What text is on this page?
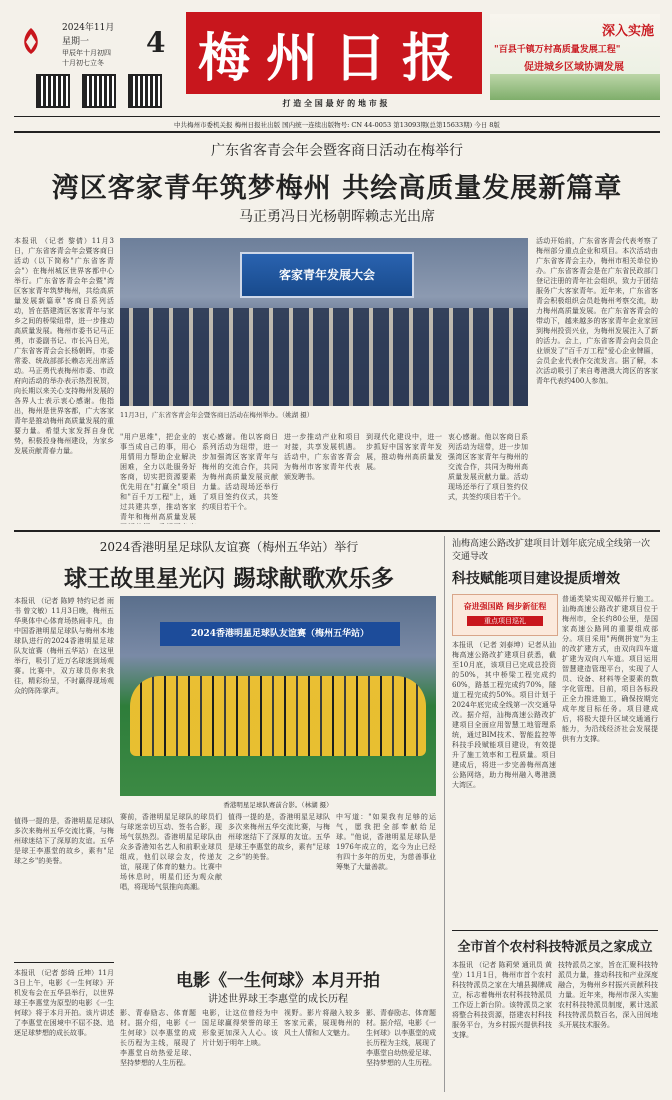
2024年11月
星期一 4
甲辰年十月初四
十月初七立冬 梅州日报
打 造 全 国 最 好 的 地 市 报
深入实施
"百县千镇万村高质量发展工程"
促进城乡区域协调发展
中共梅州市委机关报 梅州日报社出版 国内统一连续出版物号: CN 44-0053 第13093期(总第15633期) 今日 8版
广东省客青会年会暨客商日活动在梅举行
湾区客家青年筑梦梅州 共绘高质量发展新篇章
马正勇冯日光杨朝晖赖志光出席
本报讯 （记者 黎倩）11月3日，广东省客青会年会暨客商日活动（以下简称"广东省客青会"）在梅州城区世界客都中心举行。广东省客青会年会暨"湾区客家青年筑梦梅州，共绘高质量发展新篇章"客商日系列活动，旨在搭建湾区客家青年与家乡之间的桥梁纽带，进一步推动高质量发展。梅州市委书记马正勇，市委副书记、市长冯日光，广东省客青会会长杨朝晖，市委常委、统战部部长赖志光出席活动。马正勇代表梅州市委、市政府向活动的举办表示热烈祝贺，向长期以来关心支持梅州发展的各界人士表示衷心感谢。他指出，梅州是世界客都，广大客家青年是推动梅州高质量发展的重要力量。希望大家发挥自身优势，积极投身梅州建设，为家乡发展贡献青春力量。
客家青年发展大会
11月3日，广东省客青会年会暨客商日活动在梅州举办。（姚湖 摄）
"用户思维"，把企业的事当成自己的事，用心用情用力帮助企业解决困难，全力以赴服务好客商，切实把资源要素优先用在"打赢全"项目和"百千万工程"上，通过共建共享，推动客家青年和梅州高质量发展
衷心感谢。他以客商日系列活动为纽带，进一步加强湾区客家青年与梅州的交流合作，共同为梅州高质量发展贡献力量。活动现场还举行了项目签约仪式，共签约项目若干个。
进一步推动产业和项目对接，共享发展机遇。活动中，广东省客青会为梅州市客家青年代表颁发聘书。
到现代化建设中，进一步抓好中国客家青年发展，推动梅州高质量发展。
衷心感谢。他以客商日系列活动为纽带，进一步加强湾区客家青年与梅州的交流合作，共同为梅州高质量发展贡献力量。活动现场还举行了项目签约仪式，共签约项目若干个。
活动开始前，广东省客青会代表考察了梅州部分重点企业和项目。本次活动由广东省客青会主办，梅州市相关单位协办。广东省客青会是在广东省民政部门登记注册的青年社会组织，致力于团结服务广大客家青年。近年来，广东省客青会积极组织会员赴梅州考察交流，助力梅州高质量发展。在广东省客青会的带动下，越来越多的客家青年企业家回到梅州投资兴业，为梅州发展注入了新的活力。会上，广东省客青会向会员企业颁发了"百千万工程"爱心企业牌匾，会员企业代表作交流发言。据了解，本次活动吸引了来自粤港澳大湾区的客家青年代表约400人参加。
2024香港明星足球队友谊赛（梅州五华站）举行
球王故里星光闪 踢球献歌欢乐多
本报讯 （记者 陈婷 特约记者 雨书 曾文敏）11月3日晚，梅州五华奥体中心体育场热闹非凡，由中国香港明星足球队与梅州本地球队进行的2024香港明星足球队友谊赛（梅州五华站）在这里举行，吸引了近万名球迷到场观赛。比赛中，双方球员你来我往，精彩纷呈，不时赢得现场观众的阵阵掌声。
2024香港明星足球队友谊赛（梅州五华站）
香港明星足球队赛前合影。（林湖 摄）
赛前，香港明星足球队的球员们与球迷亲切互动、签名合影，现场气氛热烈。香港明星足球队由众多香港知名艺人和前职业球员组成，他们以球会友，传递友谊，展现了体育的魅力。比赛中场休息时，明星们还为观众献唱，将现场气氛推向高潮。
值得一提的是，香港明星足球队多次来梅州五华交流比赛，与梅州球迷结下了深厚的友谊。五华是球王李惠堂的故乡，素有"足球之乡"的美誉。
中写道："如果我有足够的运气，愿我把全部奉献给足球。"他说，香港明星足球队是1976年成立的，迄今为止已经有四十多年的历史，为慈善事业筹集了大量善款。
值得一提的是，香港明星足球队多次来梅州五华交流比赛，与梅州球迷结下了深厚的友谊。五华是球王李惠堂的故乡，素有"足球之乡"的美誉。
电影《一生何球》本月开拍
讲述世界球王李惠堂的成长历程
本报讯 （记者 彭绮 丘坤）11月3日上午，电影《一生何球》开机发布会在五华县举行，以世界球王李惠堂为原型的电影《一生何球》将于本月开拍。该片讲述了李惠堂在困境中不屈不挠、追逐足球梦想的成长故事。
影、青春励志、体育题材。据介绍，电影《一生何球》以李惠堂的成长历程为主线，展现了李惠堂自幼热爱足球、坚持梦想的人生历程。
电影，让这位曾经为中国足球赢得荣誉的球王形象更加深入人心。该片计划于明年上映。
视野。影片将融入较多客家元素，展现梅州的风土人情和人文魅力。
影、青春励志、体育题材。据介绍，电影《一生何球》以李惠堂的成长历程为主线，展现了李惠堂自幼热爱足球、坚持梦想的人生历程。
汕梅高速公路改扩建项目计划年底完成全线第一次交通导改
科技赋能项目建设提质增效
奋进强国路 阔步新征程
重点项目巡礼
本报讯 （记者 刘泰坤）记者从汕梅高速公路改扩建项目获悉，截至10月底，该项目已完成总投资的50%，其中桥梁工程完成约60%，路基工程完成约70%，隧道工程完成约50%。项目计划于2024年底完成全线第一次交通导改。据介绍，汕梅高速公路改扩建项目全面应用智慧工地管理系统，通过BIM技术、智能监控等科技手段赋能项目建设，有效提升了施工效率和工程质量。项目建成后，将进一步完善梅州高速公路网络，助力梅州融入粤港澳大湾区。
普通类梁实现双幅并行施工。汕梅高速公路改扩建项目位于梅州市，全长约80公里，是国家高速公路网的重要组成部分。项目采用"两侧拼宽"为主的改扩建方式，由双向四车道扩建为双向八车道。项目运用智慧建造管理平台，实现了人员、设备、材料等全要素的数字化管理。目前，项目各标段正全力推进施工，确保按期完成年度目标任务。项目建成后，将极大提升区域交通通行能力，为沿线经济社会发展提供有力支撑。
全市首个农村科技特派员之家成立
本报讯 （记者 陈莉荣 通讯员 黄莹）11月1日，梅州市首个农村科技特派员之家在大埔县揭牌成立，标志着梅州农村科技特派员工作迈上新台阶。该特派员之家将整合科技资源，搭建农村科技服务平台，为乡村振兴提供科技支撑。
技特派员之家，旨在汇聚科技特派员力量，推动科技和产业深度融合，为梅州乡村振兴贡献科技力量。近年来，梅州市深入实施农村科技特派员制度，累计选派科技特派员数百名，深入田间地头开展技术服务。
